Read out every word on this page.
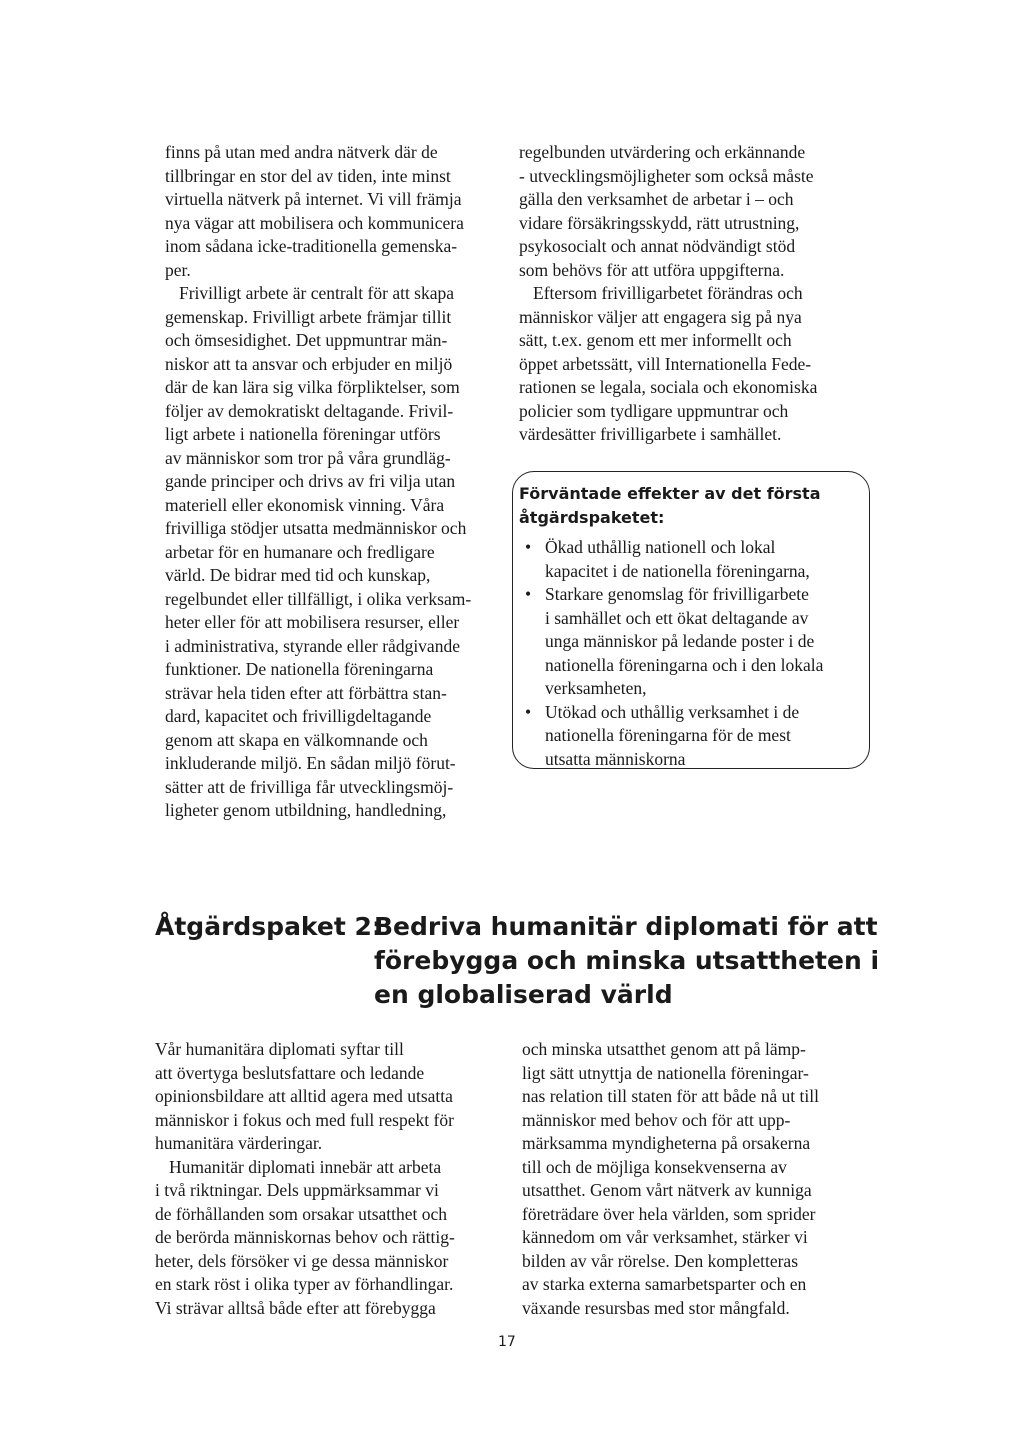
finns på utan med andra nätverk där de

tillbringar en stor del av tiden, inte minst

virtuella nätverk på internet. Vi vill främja

nya vägar att mobilisera och kommunicera

inom sådana icke-traditionella gemenska-

per.

Frivilligt arbete är centralt för att skapa

gemenskap. Frivilligt arbete främjar tillit

och ömsesidighet. Det uppmuntrar män-

niskor att ta ansvar och erbjuder en miljö

där de kan lära sig vilka förpliktelser, som

följer av demokratiskt deltagande. Frivil-

ligt arbete i nationella föreningar utförs

av människor som tror på våra grundläg-

gande principer och drivs av fri vilja utan

materiell eller ekonomisk vinning. Våra

frivilliga stödjer utsatta medmänniskor och

arbetar för en humanare och fredligare

värld. De bidrar med tid och kunskap,

regelbundet eller tillfälligt, i olika verksam-

heter eller för att mobilisera resurser, eller

i administrativa, styrande eller rådgivande

funktioner. De nationella föreningarna

strävar hela tiden efter att förbättra stan-

dard, kapacitet och frivilligdeltagande

genom att skapa en välkomnande och

inkluderande miljö. En sådan miljö förut-

sätter att de frivilliga får utvecklingsmöj-

ligheter genom utbildning, handledning,

regelbunden utvärdering och erkännande

- utvecklingsmöjligheter som också måste

gälla den verksamhet de arbetar i – och

vidare försäkringsskydd, rätt utrustning,

psykosocialt och annat nödvändigt stöd

som behövs för att utföra uppgifterna.

Eftersom frivilligarbetet förändras och

människor väljer att engagera sig på nya

sätt, t.ex. genom ett mer informellt och

öppet arbetssätt, vill Internationella Fede-

rationen se legala, sociala och ekonomiska

policier som tydligare uppmuntrar och

värdesätter frivilligarbete i samhället.

Förväntade effekter av det första
åtgärdspaketet:
• Ökad uthållig nationell och lokal
kapacitet i de nationella föreningarna,
• Starkare genomslag för frivilligarbete
i samhället och ett ökat deltagande av
unga människor på ledande poster i de
nationella föreningarna och i den lokala
verksamheten,
• Utökad och uthållig verksamhet i de
nationella föreningarna för de mest
utsatta människorna
Åtgärdspaket 2:

Bedriva humanitär diplomati för att

förebygga och minska utsattheten i

en globaliserad värld

Vår humanitära diplomati syftar till

att övertyga beslutsfattare och ledande

opinionsbildare att alltid agera med utsatta

människor i fokus och med full respekt för

humanitära värderingar.

Humanitär diplomati innebär att arbeta

i två riktningar. Dels uppmärksammar vi

de förhållanden som orsakar utsatthet och

de berörda människornas behov och rättig-

heter, dels försöker vi ge dessa människor

en stark röst i olika typer av förhandlingar.

Vi strävar alltså både efter att förebygga

och minska utsatthet genom att på lämp-

ligt sätt utnyttja de nationella föreningar-

nas relation till staten för att både nå ut till

människor med behov och för att upp-

märksamma myndigheterna på orsakerna

till och de möjliga konsekvenserna av

utsatthet. Genom vårt nätverk av kunniga

företrädare över hela världen, som sprider

kännedom om vår verksamhet, stärker vi

bilden av vår rörelse. Den kompletteras

av starka externa samarbetsparter och en

växande resursbas med stor mångfald.

17
